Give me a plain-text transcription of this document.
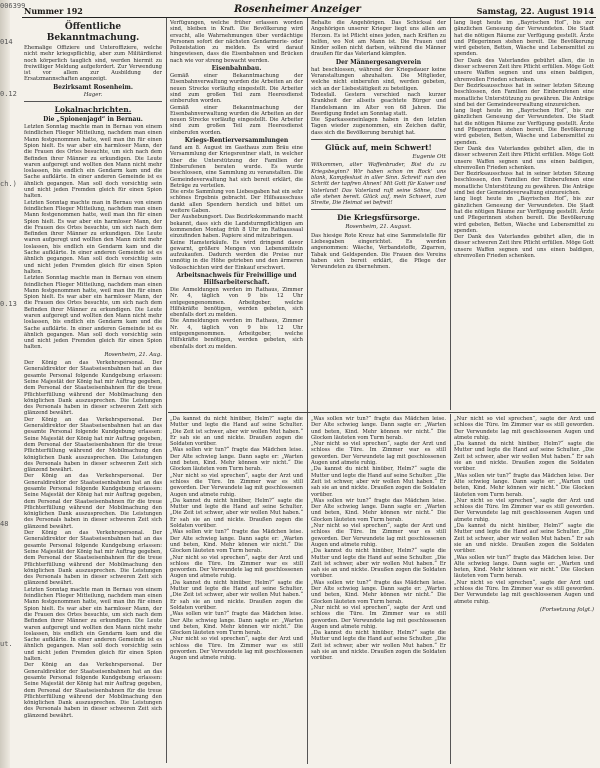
006399
014
0.12
ch.)
0.13
48
ut.
Nummer 192	Rosenheimer Anzeiger	Samstag, 22. August 1914
Öffentliche Bekanntmachung.
Ehemalige Offiziere und Unteroffiziere, welche nicht mehr kriegspflichtig, aber zum Militärdienst noch körperlich tauglich sind, werden hiermit zu freiwilliger Meldung aufgefordert. Zur Verwendung ist vor allem zur Ausbildung der Ersatzmannschaften angezeigt.
Bezirksamt Rosenheim.
Hager.
Lokalnachrichten.
Die „Spionenjagd“ in Bernau.
Letzten Sonntag machte man in Bernau von einem feindlichen Flieger Mitteilung, nachdem man einen Mann festgenommen hatte, weil man ihn für einen Spion hielt. Es war aber ein harmloser Mann, der die Frauen des Ortes besuchte, um sich nach dem Befinden ihrer Männer zu erkundigen. Die Leute waren aufgeregt und wollten den Mann nicht mehr loslassen, bis endlich ein Gendarm kam und die Sache aufklärte. In einer anderen Gemeinde ist es ähnlich gegangen. Man soll doch vorsichtig sein und nicht jeden Fremden gleich für einen Spion halten.
Letzten Sonntag machte man in Bernau von einem feindlichen Flieger Mitteilung, nachdem man einen Mann festgenommen hatte, weil man ihn für einen Spion hielt. Es war aber ein harmloser Mann, der die Frauen des Ortes besuchte, um sich nach dem Befinden ihrer Männer zu erkundigen. Die Leute waren aufgeregt und wollten den Mann nicht mehr loslassen, bis endlich ein Gendarm kam und die Sache aufklärte. In einer anderen Gemeinde ist es ähnlich gegangen. Man soll doch vorsichtig sein und nicht jeden Fremden gleich für einen Spion halten.
Letzten Sonntag machte man in Bernau von einem feindlichen Flieger Mitteilung, nachdem man einen Mann festgenommen hatte, weil man ihn für einen Spion hielt. Es war aber ein harmloser Mann, der die Frauen des Ortes besuchte, um sich nach dem Befinden ihrer Männer zu erkundigen. Die Leute waren aufgeregt und wollten den Mann nicht mehr loslassen, bis endlich ein Gendarm kam und die Sache aufklärte. In einer anderen Gemeinde ist es ähnlich gegangen. Man soll doch vorsichtig sein und nicht jeden Fremden gleich für einen Spion halten.
Rosenheim, 21. Aug.
Der König an das Verkehrspersonal. Der Generaldirektor der Staatseisenbahnen hat an das gesamte Personal folgende Kundgebung erlassen: Seine Majestät der König hat mir Auftrag gegeben, dem Personal der Staatseisenbahnen für die treue Pflichterfüllung während der Mobilmachung den königlichen Dank auszusprechen. Die Leistungen des Personals haben in dieser schweren Zeit sich glänzend bewährt.
Der König an das Verkehrspersonal. Der Generaldirektor der Staatseisenbahnen hat an das gesamte Personal folgende Kundgebung erlassen: Seine Majestät der König hat mir Auftrag gegeben, dem Personal der Staatseisenbahnen für die treue Pflichterfüllung während der Mobilmachung den königlichen Dank auszusprechen. Die Leistungen des Personals haben in dieser schweren Zeit sich glänzend bewährt.
Der König an das Verkehrspersonal. Der Generaldirektor der Staatseisenbahnen hat an das gesamte Personal folgende Kundgebung erlassen: Seine Majestät der König hat mir Auftrag gegeben, dem Personal der Staatseisenbahnen für die treue Pflichterfüllung während der Mobilmachung den königlichen Dank auszusprechen. Die Leistungen des Personals haben in dieser schweren Zeit sich glänzend bewährt.
Der König an das Verkehrspersonal. Der Generaldirektor der Staatseisenbahnen hat an das gesamte Personal folgende Kundgebung erlassen: Seine Majestät der König hat mir Auftrag gegeben, dem Personal der Staatseisenbahnen für die treue Pflichterfüllung während der Mobilmachung den königlichen Dank auszusprechen. Die Leistungen des Personals haben in dieser schweren Zeit sich glänzend bewährt.
Letzten Sonntag machte man in Bernau von einem feindlichen Flieger Mitteilung, nachdem man einen Mann festgenommen hatte, weil man ihn für einen Spion hielt. Es war aber ein harmloser Mann, der die Frauen des Ortes besuchte, um sich nach dem Befinden ihrer Männer zu erkundigen. Die Leute waren aufgeregt und wollten den Mann nicht mehr loslassen, bis endlich ein Gendarm kam und die Sache aufklärte. In einer anderen Gemeinde ist es ähnlich gegangen. Man soll doch vorsichtig sein und nicht jeden Fremden gleich für einen Spion halten.
Der König an das Verkehrspersonal. Der Generaldirektor der Staatseisenbahnen hat an das gesamte Personal folgende Kundgebung erlassen: Seine Majestät der König hat mir Auftrag gegeben, dem Personal der Staatseisenbahnen für die treue Pflichterfüllung während der Mobilmachung den königlichen Dank auszusprechen. Die Leistungen des Personals haben in dieser schweren Zeit sich glänzend bewährt.
Verfügungen, welche früher erlassen worden sind, bleiben in Kraft. Die Bevölkerung wird ersucht, alle Wahrnehmungen über verdächtige Personen sofort der nächsten Gendarmerie- oder Polizeistation zu melden. Es wird darauf hingewiesen, dass die Eisenbahnen und Brücken nach wie vor streng bewacht werden.
Eisenbahnbau.
Gemäß einer Bekanntmachung der Eisenbahnverwaltung wurden die Arbeiten an der neuen Strecke vorläufig eingestellt. Die Arbeiter sind zum großen Teil zum Heeresdienst einberufen worden.
Gemäß einer Bekanntmachung der Eisenbahnverwaltung wurden die Arbeiten an der neuen Strecke vorläufig eingestellt. Die Arbeiter sind zum großen Teil zum Heeresdienst einberufen worden.
Kriegs-Rentierversammlungen
fand am 8. August im Gasthaus zum Bräu eine Versammlung der Kriegsrentner statt, in welcher über die Unterstützung der Familien der Einberufenen beraten wurde. Es wurde beschlossen, eine Sammlung zu veranstalten. Die Gemeindeverwaltung hat sich bereit erklärt, die Beträge zu verteilen.
Die erste Sammlung von Liebesgaben hat ein sehr schönes Ergebnis gebracht. Der Hilfsausschuss dankt allen Spendern herzlich und bittet um weitere Gaben.
Der Aushebungsort. Das Bezirkskommando macht bekannt, dass sich die Landsturmpflichtigen am kommenden Montag früh 8 Uhr im Rathaussaal einzufinden haben. Papiere sind mitzubringen.
Keine Hamsterkäufe. Es wird dringend davor gewarnt, größere Mengen von Lebensmitteln aufzukaufen. Dadurch werden die Preise nur unnötig in die Höhe getrieben und den ärmeren Volksschichten wird der Einkauf erschwert.
Arbeitsnachweis für Freiwillige und Hilfsarbeiterschaft.
Die Anmeldungen werden im Rathaus, Zimmer Nr. 4, täglich von 9 bis 12 Uhr entgegengenommen. Arbeitgeber, welche Hilfskräfte benötigen, werden gebeten, sich ebenfalls dort zu melden.
Die Anmeldungen werden im Rathaus, Zimmer Nr. 4, täglich von 9 bis 12 Uhr entgegengenommen. Arbeitgeber, welche Hilfskräfte benötigen, werden gebeten, sich ebenfalls dort zu melden.
Behalte die Angehörigen. Das Schicksal der Angehörigen unserer Krieger liegt uns allen am Herzen. Es ist Pflicht eines jeden, nach Kräften zu helfen, wo Not am Mann ist. Die Frauen und Kinder sollen nicht darben, während die Männer draußen für das Vaterland kämpfen.
Der Männergesangverein
hat beschlossen, während der Kriegsdauer keine Veranstaltungen abzuhalten. Die Mitglieder, welche nicht einberufen sind, werden gebeten, sich an der Liebestätigkeit zu beteiligen.
Todesfall. Gestern verschied nach kurzer Krankheit der allseits geachtete Bürger und Handelsmann im Alter von 68 Jahren. Die Beerdigung findet am Sonntag statt.
Die Sparkasseneinlagen haben in den letzten Tagen wieder zugenommen, ein Zeichen dafür, dass sich die Bevölkerung beruhigt hat.
Glück auf, mein Schwert!
Eugenie Ott
Wilkommen, alter Waffenbruder, Bist du zu Kriegsbeginn? Wir haben schon im Rock' uns blank, Kampfeslust in aller Sinn. Schreit' nun den Schritt der tapfren Ahnen! Mit Gott für Kaiser und Vaterland! Das Vaterland ruft seine Söhne, Und alle stehen bereit. Glück auf, mein Schwert, zum Streite, Die Heimat sei befreit!
Die Kriegsfürsorge.
Rosenheim, 21. August.
Das hiesige Rote Kreuz hat eine Sammelstelle für Liebesgaben eingerichtet. Es werden angenommen: Wäsche, Verbandstoffe, Zigarren, Tabak und Geldspenden. Die Frauen des Vereins haben sich bereit erklärt, die Pflege der Verwundeten zu übernehmen.
lang liegt heute im „Bayrischen Hof“, bis zur gänzlichen Genesung der Verwundeten. Die Stadt hat die nötigen Räume zur Verfügung gestellt. Ärzte und Pflegerinnen stehen bereit. Die Bevölkerung wird gebeten, Betten, Wäsche und Lebensmittel zu spenden.
Der Dank des Vaterlandes gebührt allen, die in dieser schweren Zeit ihre Pflicht erfüllen. Möge Gott unsere Waffen segnen und uns einen baldigen, ehrenvollen Frieden schenken.
Der Bezirksausschuss hat in seiner letzten Sitzung beschlossen, den Familien der Einberufenen eine monatliche Unterstützung zu gewähren. Die Anträge sind bei der Gemeindeverwaltung einzureichen.
lang liegt heute im „Bayrischen Hof“, bis zur gänzlichen Genesung der Verwundeten. Die Stadt hat die nötigen Räume zur Verfügung gestellt. Ärzte und Pflegerinnen stehen bereit. Die Bevölkerung wird gebeten, Betten, Wäsche und Lebensmittel zu spenden.
Der Dank des Vaterlandes gebührt allen, die in dieser schweren Zeit ihre Pflicht erfüllen. Möge Gott unsere Waffen segnen und uns einen baldigen, ehrenvollen Frieden schenken.
Der Bezirksausschuss hat in seiner letzten Sitzung beschlossen, den Familien der Einberufenen eine monatliche Unterstützung zu gewähren. Die Anträge sind bei der Gemeindeverwaltung einzureichen.
lang liegt heute im „Bayrischen Hof“, bis zur gänzlichen Genesung der Verwundeten. Die Stadt hat die nötigen Räume zur Verfügung gestellt. Ärzte und Pflegerinnen stehen bereit. Die Bevölkerung wird gebeten, Betten, Wäsche und Lebensmittel zu spenden.
Der Dank des Vaterlandes gebührt allen, die in dieser schweren Zeit ihre Pflicht erfüllen. Möge Gott unsere Waffen segnen und uns einen baldigen, ehrenvollen Frieden schenken.
„Da kannst du nicht hinüber, Helm?“ sagte die Mutter und legte die Hand auf seine Schulter. „Die Zeit ist schwer, aber wir wollen Mut haben.“ Er sah sie an und nickte. Draußen zogen die Soldaten vorüber.
„Was sollen wir tun?“ fragte das Mädchen leise. Der Alte schwieg lange. Dann sagte er: „Warten und beten, Kind. Mehr können wir nicht.“ Die Glocken läuteten vom Turm herab.
„Nur nicht so viel sprechen“, sagte der Arzt und schloss die Türe. Im Zimmer war es still geworden. Der Verwundete lag mit geschlossenen Augen und atmete ruhig.
„Da kannst du nicht hinüber, Helm?“ sagte die Mutter und legte die Hand auf seine Schulter. „Die Zeit ist schwer, aber wir wollen Mut haben.“ Er sah sie an und nickte. Draußen zogen die Soldaten vorüber.
„Was sollen wir tun?“ fragte das Mädchen leise. Der Alte schwieg lange. Dann sagte er: „Warten und beten, Kind. Mehr können wir nicht.“ Die Glocken läuteten vom Turm herab.
„Nur nicht so viel sprechen“, sagte der Arzt und schloss die Türe. Im Zimmer war es still geworden. Der Verwundete lag mit geschlossenen Augen und atmete ruhig.
„Da kannst du nicht hinüber, Helm?“ sagte die Mutter und legte die Hand auf seine Schulter. „Die Zeit ist schwer, aber wir wollen Mut haben.“ Er sah sie an und nickte. Draußen zogen die Soldaten vorüber.
„Was sollen wir tun?“ fragte das Mädchen leise. Der Alte schwieg lange. Dann sagte er: „Warten und beten, Kind. Mehr können wir nicht.“ Die Glocken läuteten vom Turm herab.
„Nur nicht so viel sprechen“, sagte der Arzt und schloss die Türe. Im Zimmer war es still geworden. Der Verwundete lag mit geschlossenen Augen und atmete ruhig.
„Was sollen wir tun?“ fragte das Mädchen leise. Der Alte schwieg lange. Dann sagte er: „Warten und beten, Kind. Mehr können wir nicht.“ Die Glocken läuteten vom Turm herab.
„Nur nicht so viel sprechen“, sagte der Arzt und schloss die Türe. Im Zimmer war es still geworden. Der Verwundete lag mit geschlossenen Augen und atmete ruhig.
„Da kannst du nicht hinüber, Helm?“ sagte die Mutter und legte die Hand auf seine Schulter. „Die Zeit ist schwer, aber wir wollen Mut haben.“ Er sah sie an und nickte. Draußen zogen die Soldaten vorüber.
„Was sollen wir tun?“ fragte das Mädchen leise. Der Alte schwieg lange. Dann sagte er: „Warten und beten, Kind. Mehr können wir nicht.“ Die Glocken läuteten vom Turm herab.
„Nur nicht so viel sprechen“, sagte der Arzt und schloss die Türe. Im Zimmer war es still geworden. Der Verwundete lag mit geschlossenen Augen und atmete ruhig.
„Da kannst du nicht hinüber, Helm?“ sagte die Mutter und legte die Hand auf seine Schulter. „Die Zeit ist schwer, aber wir wollen Mut haben.“ Er sah sie an und nickte. Draußen zogen die Soldaten vorüber.
„Was sollen wir tun?“ fragte das Mädchen leise. Der Alte schwieg lange. Dann sagte er: „Warten und beten, Kind. Mehr können wir nicht.“ Die Glocken läuteten vom Turm herab.
„Nur nicht so viel sprechen“, sagte der Arzt und schloss die Türe. Im Zimmer war es still geworden. Der Verwundete lag mit geschlossenen Augen und atmete ruhig.
„Da kannst du nicht hinüber, Helm?“ sagte die Mutter und legte die Hand auf seine Schulter. „Die Zeit ist schwer, aber wir wollen Mut haben.“ Er sah sie an und nickte. Draußen zogen die Soldaten vorüber.
„Nur nicht so viel sprechen“, sagte der Arzt und schloss die Türe. Im Zimmer war es still geworden. Der Verwundete lag mit geschlossenen Augen und atmete ruhig.
„Da kannst du nicht hinüber, Helm?“ sagte die Mutter und legte die Hand auf seine Schulter. „Die Zeit ist schwer, aber wir wollen Mut haben.“ Er sah sie an und nickte. Draußen zogen die Soldaten vorüber.
„Was sollen wir tun?“ fragte das Mädchen leise. Der Alte schwieg lange. Dann sagte er: „Warten und beten, Kind. Mehr können wir nicht.“ Die Glocken läuteten vom Turm herab.
„Nur nicht so viel sprechen“, sagte der Arzt und schloss die Türe. Im Zimmer war es still geworden. Der Verwundete lag mit geschlossenen Augen und atmete ruhig.
„Da kannst du nicht hinüber, Helm?“ sagte die Mutter und legte die Hand auf seine Schulter. „Die Zeit ist schwer, aber wir wollen Mut haben.“ Er sah sie an und nickte. Draußen zogen die Soldaten vorüber.
„Was sollen wir tun?“ fragte das Mädchen leise. Der Alte schwieg lange. Dann sagte er: „Warten und beten, Kind. Mehr können wir nicht.“ Die Glocken läuteten vom Turm herab.
„Nur nicht so viel sprechen“, sagte der Arzt und schloss die Türe. Im Zimmer war es still geworden. Der Verwundete lag mit geschlossenen Augen und atmete ruhig.
(Fortsetzung folgt.)
